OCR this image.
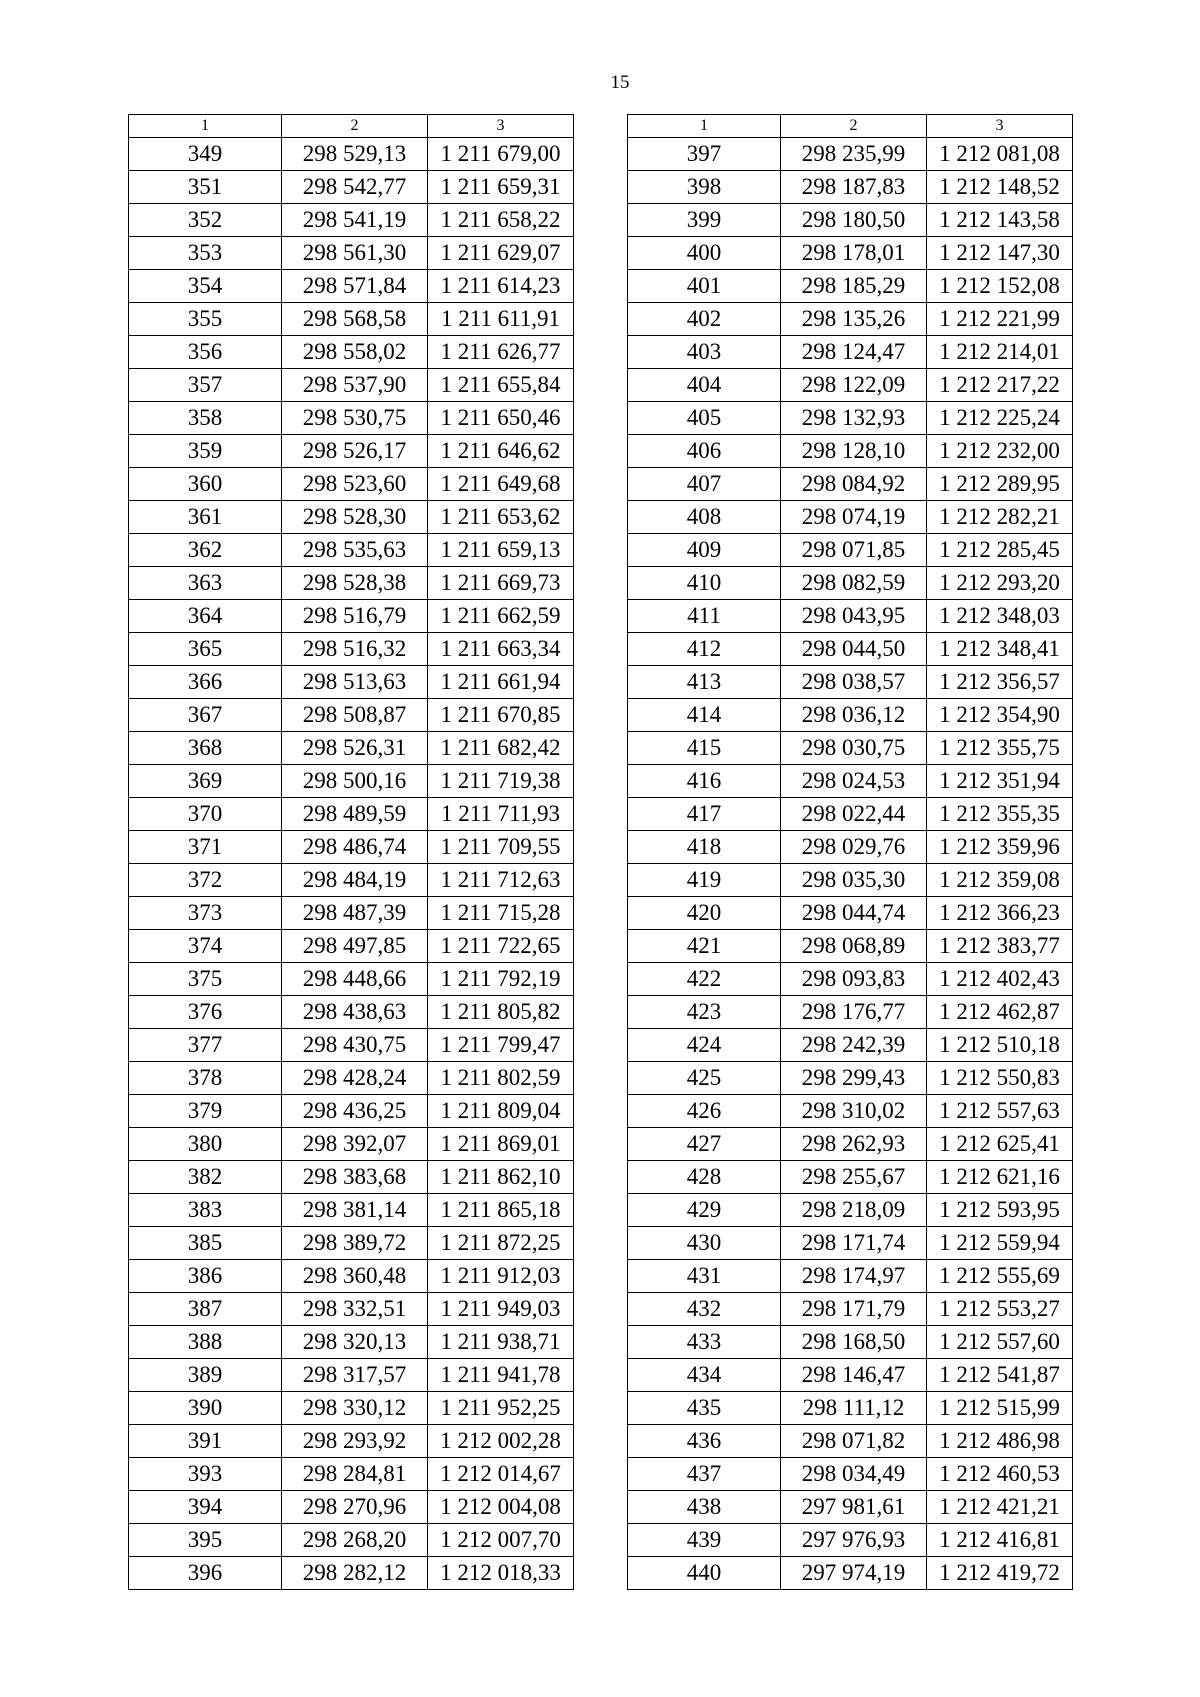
15
1	2	3
349	298 529,13	1 211 679,00
351	298 542,77	1 211 659,31
352	298 541,19	1 211 658,22
353	298 561,30	1 211 629,07
354	298 571,84	1 211 614,23
355	298 568,58	1 211 611,91
356	298 558,02	1 211 626,77
357	298 537,90	1 211 655,84
358	298 530,75	1 211 650,46
359	298 526,17	1 211 646,62
360	298 523,60	1 211 649,68
361	298 528,30	1 211 653,62
362	298 535,63	1 211 659,13
363	298 528,38	1 211 669,73
364	298 516,79	1 211 662,59
365	298 516,32	1 211 663,34
366	298 513,63	1 211 661,94
367	298 508,87	1 211 670,85
368	298 526,31	1 211 682,42
369	298 500,16	1 211 719,38
370	298 489,59	1 211 711,93
371	298 486,74	1 211 709,55
372	298 484,19	1 211 712,63
373	298 487,39	1 211 715,28
374	298 497,85	1 211 722,65
375	298 448,66	1 211 792,19
376	298 438,63	1 211 805,82
377	298 430,75	1 211 799,47
378	298 428,24	1 211 802,59
379	298 436,25	1 211 809,04
380	298 392,07	1 211 869,01
382	298 383,68	1 211 862,10
383	298 381,14	1 211 865,18
385	298 389,72	1 211 872,25
386	298 360,48	1 211 912,03
387	298 332,51	1 211 949,03
388	298 320,13	1 211 938,71
389	298 317,57	1 211 941,78
390	298 330,12	1 211 952,25
391	298 293,92	1 212 002,28
393	298 284,81	1 212 014,67
394	298 270,96	1 212 004,08
395	298 268,20	1 212 007,70
396	298 282,12	1 212 018,33
1	2	3
397	298 235,99	1 212 081,08
398	298 187,83	1 212 148,52
399	298 180,50	1 212 143,58
400	298 178,01	1 212 147,30
401	298 185,29	1 212 152,08
402	298 135,26	1 212 221,99
403	298 124,47	1 212 214,01
404	298 122,09	1 212 217,22
405	298 132,93	1 212 225,24
406	298 128,10	1 212 232,00
407	298 084,92	1 212 289,95
408	298 074,19	1 212 282,21
409	298 071,85	1 212 285,45
410	298 082,59	1 212 293,20
411	298 043,95	1 212 348,03
412	298 044,50	1 212 348,41
413	298 038,57	1 212 356,57
414	298 036,12	1 212 354,90
415	298 030,75	1 212 355,75
416	298 024,53	1 212 351,94
417	298 022,44	1 212 355,35
418	298 029,76	1 212 359,96
419	298 035,30	1 212 359,08
420	298 044,74	1 212 366,23
421	298 068,89	1 212 383,77
422	298 093,83	1 212 402,43
423	298 176,77	1 212 462,87
424	298 242,39	1 212 510,18
425	298 299,43	1 212 550,83
426	298 310,02	1 212 557,63
427	298 262,93	1 212 625,41
428	298 255,67	1 212 621,16
429	298 218,09	1 212 593,95
430	298 171,74	1 212 559,94
431	298 174,97	1 212 555,69
432	298 171,79	1 212 553,27
433	298 168,50	1 212 557,60
434	298 146,47	1 212 541,87
435	298 111,12	1 212 515,99
436	298 071,82	1 212 486,98
437	298 034,49	1 212 460,53
438	297 981,61	1 212 421,21
439	297 976,93	1 212 416,81
440	297 974,19	1 212 419,72
